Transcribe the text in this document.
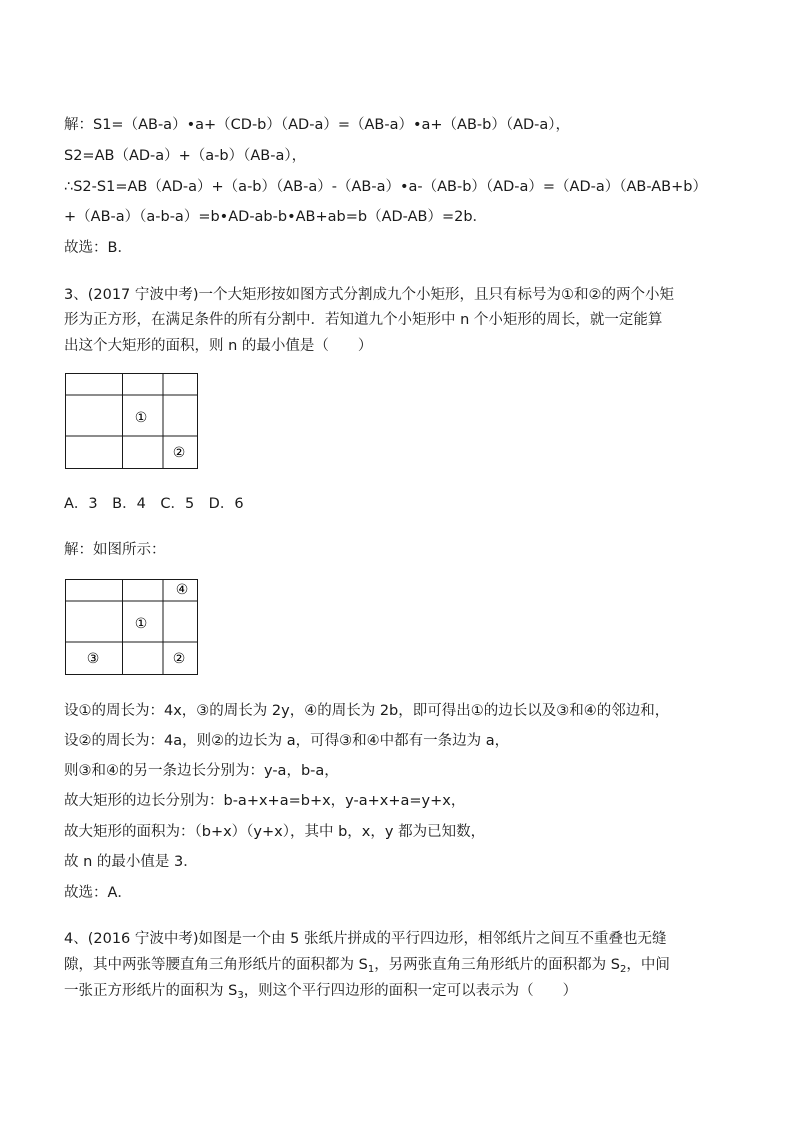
解：S1=（AB-a）•a+（CD-b）（AD-a）=（AB-a）•a+（AB-b）（AD-a），
S2=AB（AD-a）+（a-b）（AB-a），
∴S2-S1=AB（AD-a）+（a-b）（AB-a）-（AB-a）•a-（AB-b）（AD-a）=（AD-a）（AB-AB+b）
+（AB-a）（a-b-a）=b•AD-ab-b•AB+ab=b（AD-AB）=2b．
故选：B．
3、(2017 宁波中考)一个大矩形按如图方式分割成九个小矩形，且只有标号为①和②的两个小矩
形为正方形，在满足条件的所有分割中．若知道九个小矩形中 n 个小矩形的周长，就一定能算
出这个大矩形的面积，则 n 的最小值是（　　）
①
②
A．3　B．4　C．5　D．6
解：如图所示：
④
①
③	②
设①的周长为：4x，③的周长为 2y，④的周长为 2b，即可得出①的边长以及③和④的邻边和，
设②的周长为：4a，则②的边长为 a，可得③和④中都有一条边为 a，
则③和④的另一条边长分别为：y-a，b-a，
故大矩形的边长分别为：b-a+x+a=b+x，y-a+x+a=y+x，
故大矩形的面积为：（b+x）（y+x），其中 b，x，y 都为已知数，
故 n 的最小值是 3．
故选：A．
4、(2016 宁波中考)如图是一个由 5 张纸片拼成的平行四边形，相邻纸片之间互不重叠也无缝
隙，其中两张等腰直角三角形纸片的面积都为 $S_1$，另两张直角三角形纸片的面积都为 $S_2$，中间
一张正方形纸片的面积为 $S_3$，则这个平行四边形的面积一定可以表示为（　　）
